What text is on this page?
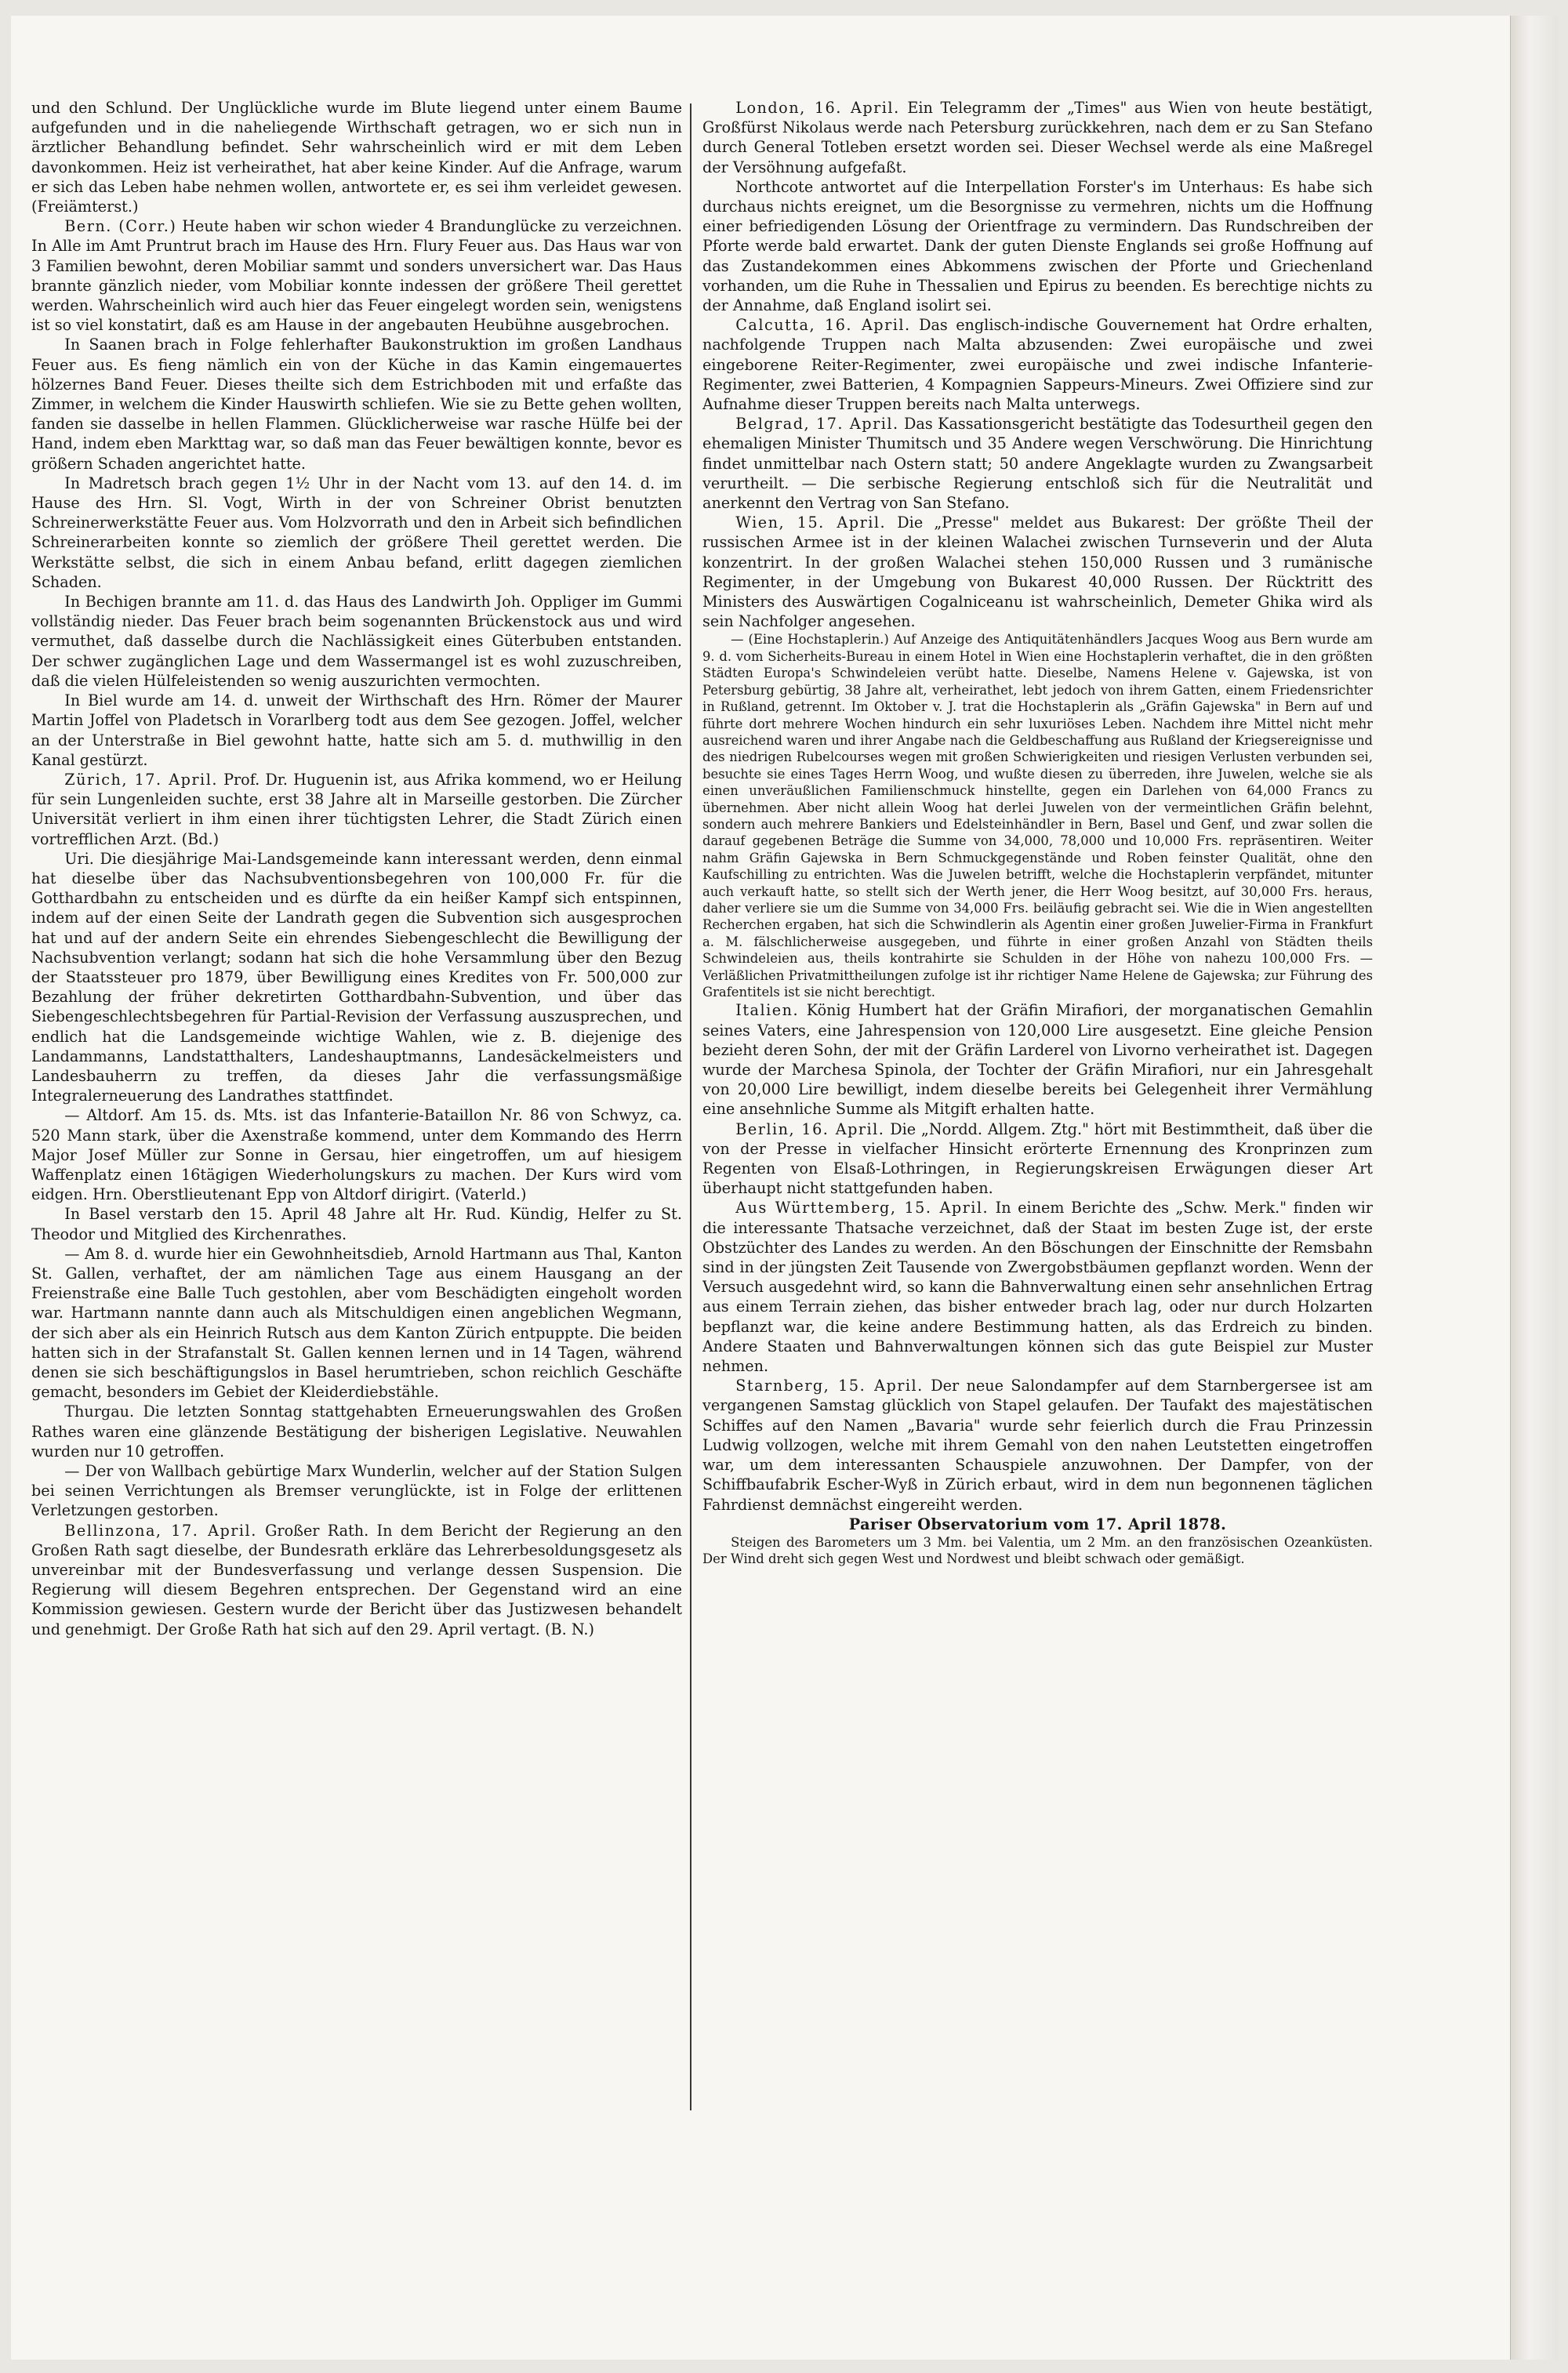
und den Schlund. Der Unglückliche wurde im Blute liegend unter einem Baume aufgefunden und in die naheliegende Wirthschaft getragen, wo er sich nun in ärztlicher Behandlung befindet. Sehr wahrscheinlich wird er mit dem Leben davonkommen. Heiz ist verheirathet, hat aber keine Kinder. Auf die Anfrage, warum er sich das Leben habe nehmen wollen, antwortete er, es sei ihm verleidet gewesen. (Freiämterst.)

Bern. (Corr.) Heute haben wir schon wieder 4 Brandunglücke zu verzeichnen. In Alle im Amt Pruntrut brach im Hause des Hrn. Flury Feuer aus. Das Haus war von 3 Familien bewohnt, deren Mobiliar sammt und sonders unversichert war. Das Haus brannte gänzlich nieder, vom Mobiliar konnte indessen der größere Theil gerettet werden. Wahrscheinlich wird auch hier das Feuer eingelegt worden sein, wenigstens ist so viel konstatirt, daß es am Hause in der angebauten Heubühne ausgebrochen.

In Saanen brach in Folge fehlerhafter Baukonstruktion im großen Landhaus Feuer aus. Es fieng nämlich ein von der Küche in das Kamin eingemauertes hölzernes Band Feuer. Dieses theilte sich dem Estrichboden mit und erfaßte das Zimmer, in welchem die Kinder Hauswirth schliefen. Wie sie zu Bette gehen wollten, fanden sie dasselbe in hellen Flammen. Glücklicherweise war rasche Hülfe bei der Hand, indem eben Markttag war, so daß man das Feuer bewältigen konnte, bevor es größern Schaden angerichtet hatte.

In Madretsch brach gegen 1½ Uhr in der Nacht vom 13. auf den 14. d. im Hause des Hrn. Sl. Vogt, Wirth in der von Schreiner Obrist benutzten Schreinerwerkstätte Feuer aus. Vom Holzvorrath und den in Arbeit sich befindlichen Schreinerarbeiten konnte so ziemlich der größere Theil gerettet werden. Die Werkstätte selbst, die sich in einem Anbau befand, erlitt dagegen ziemlichen Schaden.

In Bechigen brannte am 11. d. das Haus des Landwirth Joh. Oppliger im Gummi vollständig nieder. Das Feuer brach beim sogenannten Brückenstock aus und wird vermuthet, daß dasselbe durch die Nachlässigkeit eines Güterbuben entstanden. Der schwer zugänglichen Lage und dem Wassermangel ist es wohl zuzuschreiben, daß die vielen Hülfeleistenden so wenig auszurichten vermochten.

In Biel wurde am 14. d. unweit der Wirthschaft des Hrn. Römer der Maurer Martin Joffel von Pladetsch in Vorarlberg todt aus dem See gezogen. Joffel, welcher an der Unterstraße in Biel gewohnt hatte, hatte sich am 5. d. muthwillig in den Kanal gestürzt.

Zürich, 17. April. Prof. Dr. Huguenin ist, aus Afrika kommend, wo er Heilung für sein Lungenleiden suchte, erst 38 Jahre alt in Marseille gestorben. Die Zürcher Universität verliert in ihm einen ihrer tüchtigsten Lehrer, die Stadt Zürich einen vortrefflichen Arzt. (Bd.)

Uri. Die diesjährige Mai-Landsgemeinde kann interessant werden, denn einmal hat dieselbe über das Nachsubventionsbegehren von 100,000 Fr. für die Gotthardbahn zu entscheiden und es dürfte da ein heißer Kampf sich entspinnen, indem auf der einen Seite der Landrath gegen die Subvention sich ausgesprochen hat und auf der andern Seite ein ehrendes Siebengeschlecht die Bewilligung der Nachsubvention verlangt; sodann hat sich die hohe Versammlung über den Bezug der Staatssteuer pro 1879, über Bewilligung eines Kredites von Fr. 500,000 zur Bezahlung der früher dekretirten Gotthardbahn-Subvention, und über das Siebengeschlechtsbegehren für Partial-Revision der Verfassung auszusprechen, und endlich hat die Landsgemeinde wichtige Wahlen, wie z. B. diejenige des Landammanns, Landstatthalters, Landeshauptmanns, Landesäckelmeisters und Landesbauherrn zu treffen, da dieses Jahr die verfassungsmäßige Integralerneuerung des Landrathes stattfindet.

— Altdorf. Am 15. ds. Mts. ist das Infanterie-Bataillon Nr. 86 von Schwyz, ca. 520 Mann stark, über die Axenstraße kommend, unter dem Kommando des Herrn Major Josef Müller zur Sonne in Gersau, hier eingetroffen, um auf hiesigem Waffenplatz einen 16tägigen Wiederholungskurs zu machen. Der Kurs wird vom eidgen. Hrn. Oberstlieutenant Epp von Altdorf dirigirt. (Vaterld.)

In Basel verstarb den 15. April 48 Jahre alt Hr. Rud. Kündig, Helfer zu St. Theodor und Mitglied des Kirchenrathes.

— Am 8. d. wurde hier ein Gewohnheitsdieb, Arnold Hartmann aus Thal, Kanton St. Gallen, verhaftet, der am nämlichen Tage aus einem Hausgang an der Freienstraße eine Balle Tuch gestohlen, aber vom Beschädigten eingeholt worden war. Hartmann nannte dann auch als Mitschuldigen einen angeblichen Wegmann, der sich aber als ein Heinrich Rutsch aus dem Kanton Zürich entpuppte. Die beiden hatten sich in der Strafanstalt St. Gallen kennen lernen und in 14 Tagen, während denen sie sich beschäftigungslos in Basel herumtrieben, schon reichlich Geschäfte gemacht, besonders im Gebiet der Kleiderdiebstähle.

Thurgau. Die letzten Sonntag stattgehabten Erneuerungswahlen des Großen Rathes waren eine glänzende Bestätigung der bisherigen Legislative. Neuwahlen wurden nur 10 getroffen.

— Der von Wallbach gebürtige Marx Wunderlin, welcher auf der Station Sulgen bei seinen Verrichtungen als Bremser verunglückte, ist in Folge der erlittenen Verletzungen gestorben.

Bellinzona, 17. April. Großer Rath. In dem Bericht der Regierung an den Großen Rath sagt dieselbe, der Bundesrath erkläre das Lehrerbesoldungsgesetz als unvereinbar mit der Bundesverfassung und verlange dessen Suspension. Die Regierung will diesem Begehren entsprechen. Der Gegenstand wird an eine Kommission gewiesen. Gestern wurde der Bericht über das Justizwesen behandelt und genehmigt. Der Große Rath hat sich auf den 29. April vertagt. (B. N.)

London, 16. April. Ein Telegramm der „Times" aus Wien von heute bestätigt, Großfürst Nikolaus werde nach Petersburg zurückkehren, nach dem er zu San Stefano durch General Totleben ersetzt worden sei. Dieser Wechsel werde als eine Maßregel der Versöhnung aufgefaßt.

Northcote antwortet auf die Interpellation Forster's im Unterhaus: Es habe sich durchaus nichts ereignet, um die Besorgnisse zu vermehren, nichts um die Hoffnung einer befriedigenden Lösung der Orientfrage zu vermindern. Das Rundschreiben der Pforte werde bald erwartet. Dank der guten Dienste Englands sei große Hoffnung auf das Zustandekommen eines Abkommens zwischen der Pforte und Griechenland vorhanden, um die Ruhe in Thessalien und Epirus zu beenden. Es berechtige nichts zu der Annahme, daß England isolirt sei.

Calcutta, 16. April. Das englisch-indische Gouvernement hat Ordre erhalten, nachfolgende Truppen nach Malta abzusenden: Zwei europäische und zwei eingeborene Reiter-Regimenter, zwei europäische und zwei indische Infanterie-Regimenter, zwei Batterien, 4 Kompagnien Sappeurs-Mineurs. Zwei Offiziere sind zur Aufnahme dieser Truppen bereits nach Malta unterwegs.

Belgrad, 17. April. Das Kassationsgericht bestätigte das Todesurtheil gegen den ehemaligen Minister Thumitsch und 35 Andere wegen Verschwörung. Die Hinrichtung findet unmittelbar nach Ostern statt; 50 andere Angeklagte wurden zu Zwangsarbeit verurtheilt. — Die serbische Regierung entschloß sich für die Neutralität und anerkennt den Vertrag von San Stefano.

Wien, 15. April. Die „Presse" meldet aus Bukarest: Der größte Theil der russischen Armee ist in der kleinen Walachei zwischen Turnseverin und der Aluta konzentrirt. In der großen Walachei stehen 150,000 Russen und 3 rumänische Regimenter, in der Umgebung von Bukarest 40,000 Russen. Der Rücktritt des Ministers des Auswärtigen Cogalniceanu ist wahrscheinlich, Demeter Ghika wird als sein Nachfolger angesehen.

— (Eine Hochstaplerin.) Auf Anzeige des Antiquitätenhändlers Jacques Woog aus Bern wurde am 9. d. vom Sicherheits-Bureau in einem Hotel in Wien eine Hochstaplerin verhaftet, die in den größten Städten Europa's Schwindeleien verübt hatte. Dieselbe, Namens Helene v. Gajewska, ist von Petersburg gebürtig, 38 Jahre alt, verheirathet, lebt jedoch von ihrem Gatten, einem Friedensrichter in Rußland, getrennt. Im Oktober v. J. trat die Hochstaplerin als „Gräfin Gajewska" in Bern auf und führte dort mehrere Wochen hindurch ein sehr luxuriöses Leben. Nachdem ihre Mittel nicht mehr ausreichend waren und ihrer Angabe nach die Geldbeschaffung aus Rußland der Kriegsereignisse und des niedrigen Rubelcourses wegen mit großen Schwierigkeiten und riesigen Verlusten verbunden sei, besuchte sie eines Tages Herrn Woog, und wußte diesen zu überreden, ihre Juwelen, welche sie als einen unveräußlichen Familienschmuck hinstellte, gegen ein Darlehen von 64,000 Francs zu übernehmen. Aber nicht allein Woog hat derlei Juwelen von der vermeintlichen Gräfin belehnt, sondern auch mehrere Bankiers und Edelsteinhändler in Bern, Basel und Genf, und zwar sollen die darauf gegebenen Beträge die Summe von 34,000, 78,000 und 10,000 Frs. repräsentiren. Weiter nahm Gräfin Gajewska in Bern Schmuckgegenstände und Roben feinster Qualität, ohne den Kaufschilling zu entrichten. Was die Juwelen betrifft, welche die Hochstaplerin verpfändet, mitunter auch verkauft hatte, so stellt sich der Werth jener, die Herr Woog besitzt, auf 30,000 Frs. heraus, daher verliere sie um die Summe von 34,000 Frs. beiläufig gebracht sei. Wie die in Wien angestellten Recherchen ergaben, hat sich die Schwindlerin als Agentin einer großen Juwelier-Firma in Frankfurt a. M. fälschlicherweise ausgegeben, und führte in einer großen Anzahl von Städten theils Schwindeleien aus, theils kontrahirte sie Schulden in der Höhe von nahezu 100,000 Frs. — Verläßlichen Privatmittheilungen zufolge ist ihr richtiger Name Helene de Gajewska; zur Führung des Grafentitels ist sie nicht berechtigt.

Italien. König Humbert hat der Gräfin Mirafiori, der morganatischen Gemahlin seines Vaters, eine Jahrespension von 120,000 Lire ausgesetzt. Eine gleiche Pension bezieht deren Sohn, der mit der Gräfin Larderel von Livorno verheirathet ist. Dagegen wurde der Marchesa Spinola, der Tochter der Gräfin Mirafiori, nur ein Jahresgehalt von 20,000 Lire bewilligt, indem dieselbe bereits bei Gelegenheit ihrer Vermählung eine ansehnliche Summe als Mitgift erhalten hatte.

Berlin, 16. April. Die „Nordd. Allgem. Ztg." hört mit Bestimmtheit, daß über die von der Presse in vielfacher Hinsicht erörterte Ernennung des Kronprinzen zum Regenten von Elsaß-Lothringen, in Regierungskreisen Erwägungen dieser Art überhaupt nicht stattgefunden haben.

Aus Württemberg, 15. April. In einem Berichte des „Schw. Merk." finden wir die interessante Thatsache verzeichnet, daß der Staat im besten Zuge ist, der erste Obstzüchter des Landes zu werden. An den Böschungen der Einschnitte der Remsbahn sind in der jüngsten Zeit Tausende von Zwergobstbäumen gepflanzt worden. Wenn der Versuch ausgedehnt wird, so kann die Bahnverwaltung einen sehr ansehnlichen Ertrag aus einem Terrain ziehen, das bisher entweder brach lag, oder nur durch Holzarten bepflanzt war, die keine andere Bestimmung hatten, als das Erdreich zu binden. Andere Staaten und Bahnverwaltungen können sich das gute Beispiel zur Muster nehmen.

Starnberg, 15. April. Der neue Salondampfer auf dem Starnbergersee ist am vergangenen Samstag glücklich von Stapel gelaufen. Der Taufakt des majestätischen Schiffes auf den Namen „Bavaria" wurde sehr feierlich durch die Frau Prinzessin Ludwig vollzogen, welche mit ihrem Gemahl von den nahen Leutstetten eingetroffen war, um dem interessanten Schauspiele anzuwohnen. Der Dampfer, von der Schiffbaufabrik Escher-Wyß in Zürich erbaut, wird in dem nun begonnenen täglichen Fahrdienst demnächst eingereiht werden.

Pariser Observatorium vom 17. April 1878.

Steigen des Barometers um 3 Mm. bei Valentia, um 2 Mm. an den französischen Ozeanküsten. Der Wind dreht sich gegen West und Nordwest und bleibt schwach oder gemäßigt.
